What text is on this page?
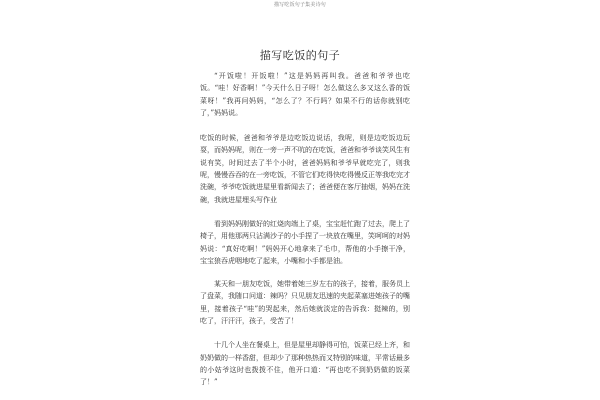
描写吃饭句子集美诗句
描写吃饭的句子

“开饭啦！开饭啦！”这是妈妈再叫我。爸爸和爷爷也吃饭。“哇！好香啊！”今天什么日子呀！怎么做这么多又这么香的饭菜呀！”我再问妈妈，“怎么了？不行吗？如果不行的话你就别吃了，”妈妈说。

吃饭的时候，爸爸和爷爷是边吃饭边说话，我呢，则是边吃饭边玩耍，而妈妈呢，则在一旁一声不吭的在吃饭，爸爸和爷爷谈笑风生有说有笑，时间过去了半个小时，爸爸妈妈和爷爷早就吃完了，则我呢，慢慢吞吞的在一旁吃饭，不管它们吃得快吃得慢反正等我吃完才洗碗，爷爷吃饭就进屋里看新闻去了；爸爸便在客厅抽烟，妈妈在洗碗，我就进屋埋头写作业

看到妈妈刚做好的红烧肉端上了桌，宝宝赶忙跑了过去，爬上了椅子，用他那两只沾满沙子的小手捏了一块放在嘴里，笑呵呵的对妈妈说：“真好吃啊！”妈妈开心地拿来了毛巾，帮他的小手擦干净，宝宝狼吞虎咽地吃了起来，小嘴和小手都是油。

某天和一朋友吃饭，她带着她三岁左右的孩子，接着，服务员上了盘菜，我随口问道：辣吗？只见朋友迅速的夹起菜塞进她孩子的嘴里，接着孩子“哇”的哭起来，然后她就淡定的告诉我：挺辣的，别吃了，汗汗汗，孩子，受苦了！

十几个人坐在餐桌上，但是屋里却静得可怕，饭菜已经上齐，和奶奶做的一样香甜，但却少了那种热热而又特别的味道，平常话最多的小姑爷这时也拨拨不住，他开口道：“再也吃不到奶奶做的饭菜了！”
